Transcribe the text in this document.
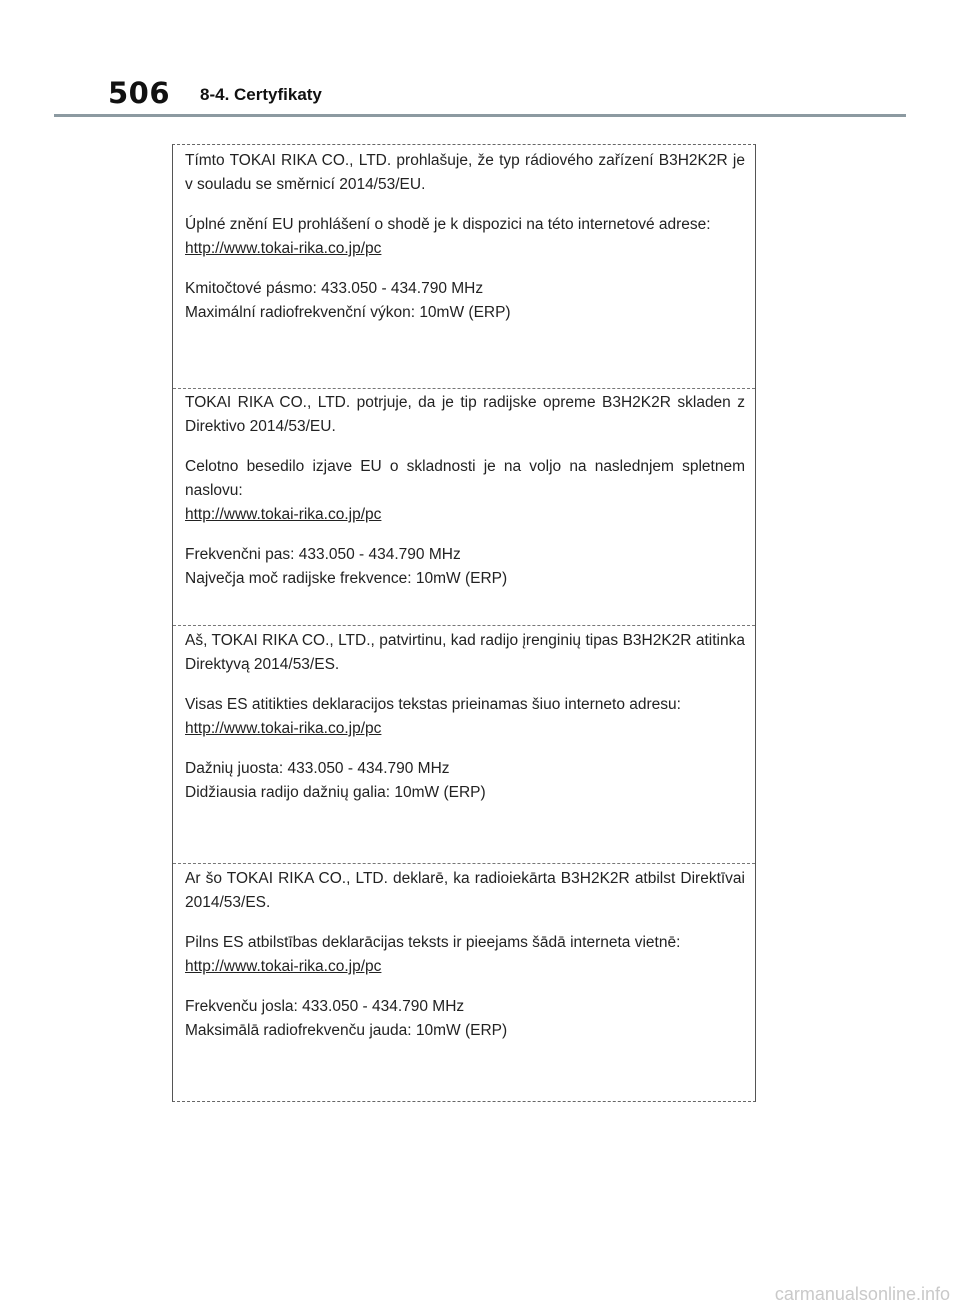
506 8-4. Certyfikaty

Tímto TOKAI RIKA CO., LTD. prohlašuje, že typ rádiového zařízení B3H2K2R je v souladu se směrnicí 2014/53/EU.

Úplné znění EU prohlášení o shodě je k dispozici na této internetové adrese:

http://www.tokai-rika.co.jp/pc

Kmitočtové pásmo: 433.050 - 434.790 MHz

Maximální radiofrekvenční výkon: 10mW (ERP)

TOKAI RIKA CO., LTD. potrjuje, da je tip radijske opreme B3H2K2R skladen z Direktivo 2014/53/EU.

Celotno besedilo izjave EU o skladnosti je na voljo na naslednjem spletnem naslovu:

http://www.tokai-rika.co.jp/pc

Frekvenčni pas: 433.050 - 434.790 MHz

Največja moč radijske frekvence: 10mW (ERP)

Aš, TOKAI RIKA CO., LTD., patvirtinu, kad radijo įrenginių tipas B3H2K2R atitinka Direktyvą 2014/53/ES.

Visas ES atitikties deklaracijos tekstas prieinamas šiuo interneto adresu:

http://www.tokai-rika.co.jp/pc

Dažnių juosta: 433.050 - 434.790 MHz

Didžiausia radijo dažnių galia: 10mW (ERP)

Ar šo TOKAI RIKA CO., LTD. deklarē, ka radioiekārta B3H2K2R atbilst Direktīvai 2014/53/ES.

Pilns ES atbilstības deklarācijas teksts ir pieejams šādā interneta vietnē:

http://www.tokai-rika.co.jp/pc

Frekvenču josla: 433.050 - 434.790 MHz

Maksimālā radiofrekvenču jauda: 10mW (ERP)

carmanualsonline.info
